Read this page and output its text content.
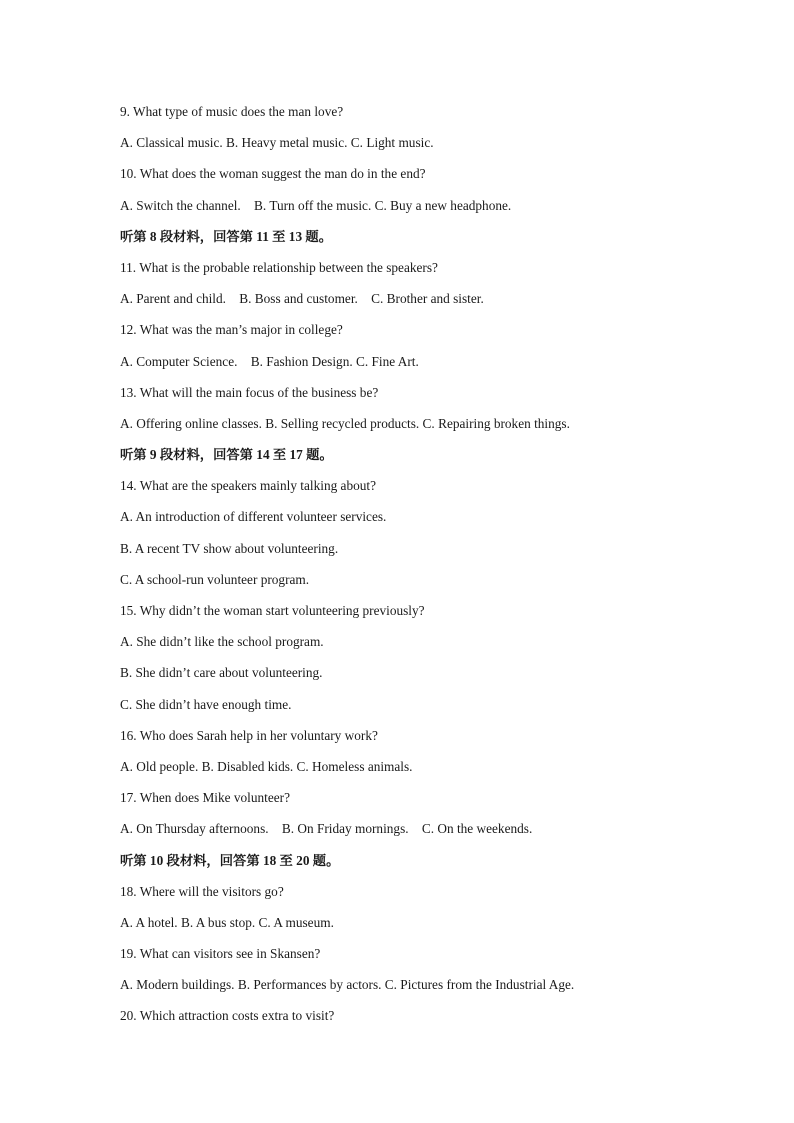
9. What type of music does the man love?
A. Classical music. B. Heavy metal music. C. Light music.
10. What does the woman suggest the man do in the end?
A. Switch the channel.    B. Turn off the music. C. Buy a new headphone.
听第 8 段材料，回答第 11 至 13 题。
11. What is the probable relationship between the speakers?
A. Parent and child.    B. Boss and customer.    C. Brother and sister.
12. What was the man’s major in college?
A. Computer Science.    B. Fashion Design. C. Fine Art.
13. What will the main focus of the business be?
A. Offering online classes. B. Selling recycled products. C. Repairing broken things.
听第 9 段材料，回答第 14 至 17 题。
14. What are the speakers mainly talking about?
A. An introduction of different volunteer services.
B. A recent TV show about volunteering.
C. A school-run volunteer program.
15. Why didn’t the woman start volunteering previously?
A. She didn’t like the school program.
B. She didn’t care about volunteering.
C. She didn’t have enough time.
16. Who does Sarah help in her voluntary work?
A. Old people. B. Disabled kids. C. Homeless animals.
17. When does Mike volunteer?
A. On Thursday afternoons.    B. On Friday mornings.    C. On the weekends.
听第 10 段材料，回答第 18 至 20 题。
18. Where will the visitors go?
A. A hotel. B. A bus stop. C. A museum.
19. What can visitors see in Skansen?
A. Modern buildings. B. Performances by actors. C. Pictures from the Industrial Age.
20. Which attraction costs extra to visit?
